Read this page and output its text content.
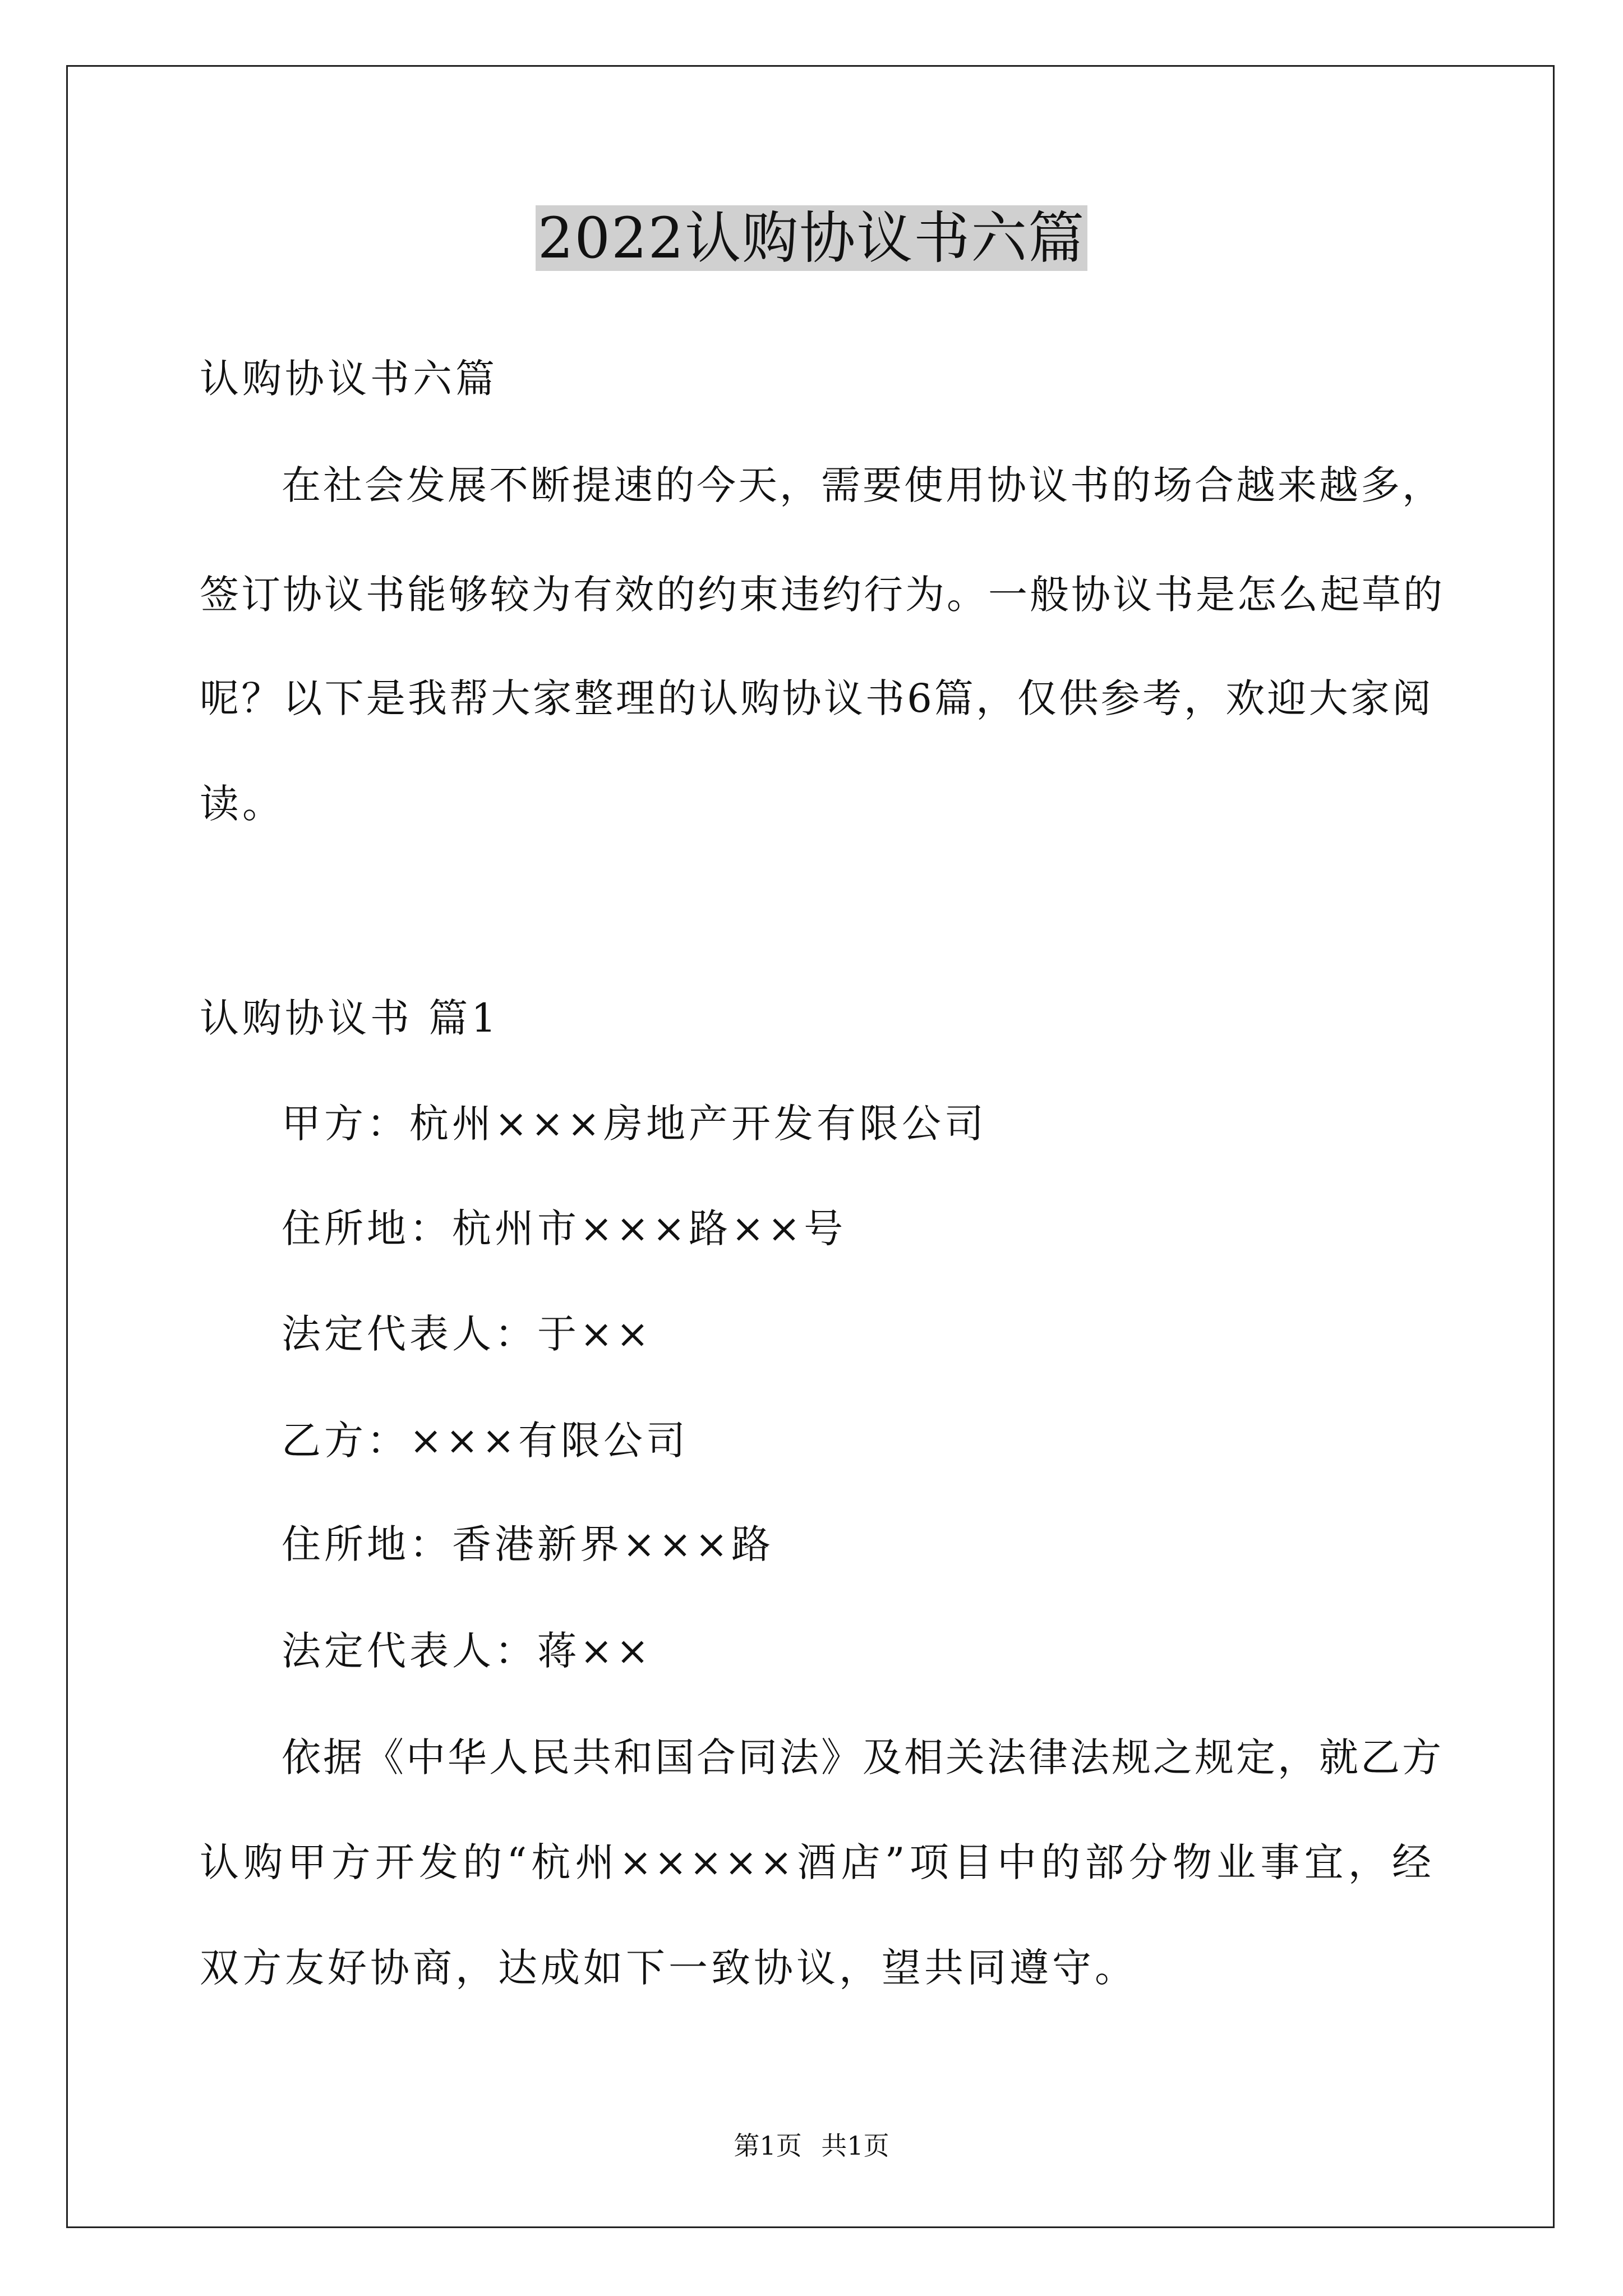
2022认购协议书六篇
认购协议书六篇
在社会发展不断提速的今天，需要使用协议书的场合越来越多，
签订协议书能够较为有效的约束违约行为。一般协议书是怎么起草的
呢？以下是我帮大家整理的认购协议书6篇，仅供参考，欢迎大家阅
读。
认购协议书 篇1
甲方：杭州×××房地产开发有限公司
住所地：杭州市×××路××号
法定代表人：于××
乙方：×××有限公司
住所地：香港新界×××路
法定代表人：蒋××
依据《中华人民共和国合同法》及相关法律法规之规定，就乙方
认购甲方开发的“杭州×××××酒店”项目中的部分物业事宜，经
双方友好协商，达成如下一致协议，望共同遵守。
第1页 共1页
